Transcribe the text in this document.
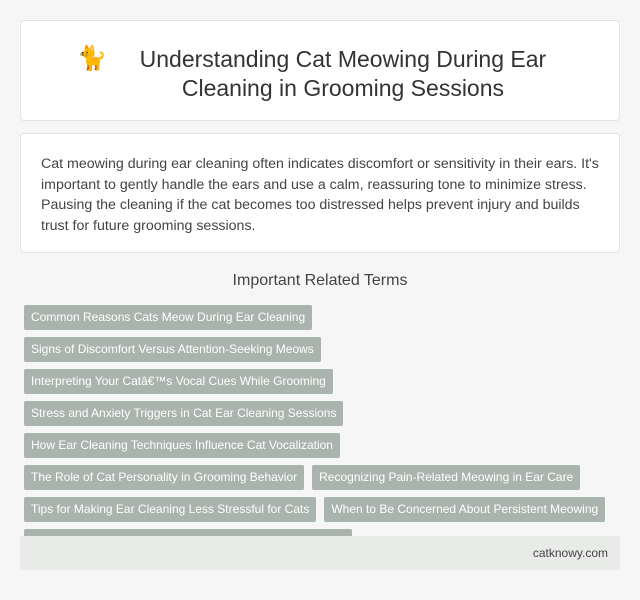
🐈	Understanding Cat Meowing During Ear Cleaning in Grooming Sessions

Cat meowing during ear cleaning often indicates discomfort or sensitivity in their ears. It's important to gently handle the ears and use a calm, reassuring tone to minimize stress. Pausing the cleaning if the cat becomes too distressed helps prevent injury and builds trust for future grooming sessions.

Important Related Terms
Common Reasons Cats Meow During Ear Cleaning
Signs of Discomfort Versus Attention-Seeking Meows
Interpreting Your Catâ€™s Vocal Cues While Grooming
Stress and Anxiety Triggers in Cat Ear Cleaning Sessions
How Ear Cleaning Techniques Influence Cat Vocalization
The Role of Cat Personality in Grooming Behavior	Recognizing Pain-Related Meowing in Ear Care
Tips for Making Ear Cleaning Less Stressful for Cats	When to Be Concerned About Persistent Meowing
catknowy.com
